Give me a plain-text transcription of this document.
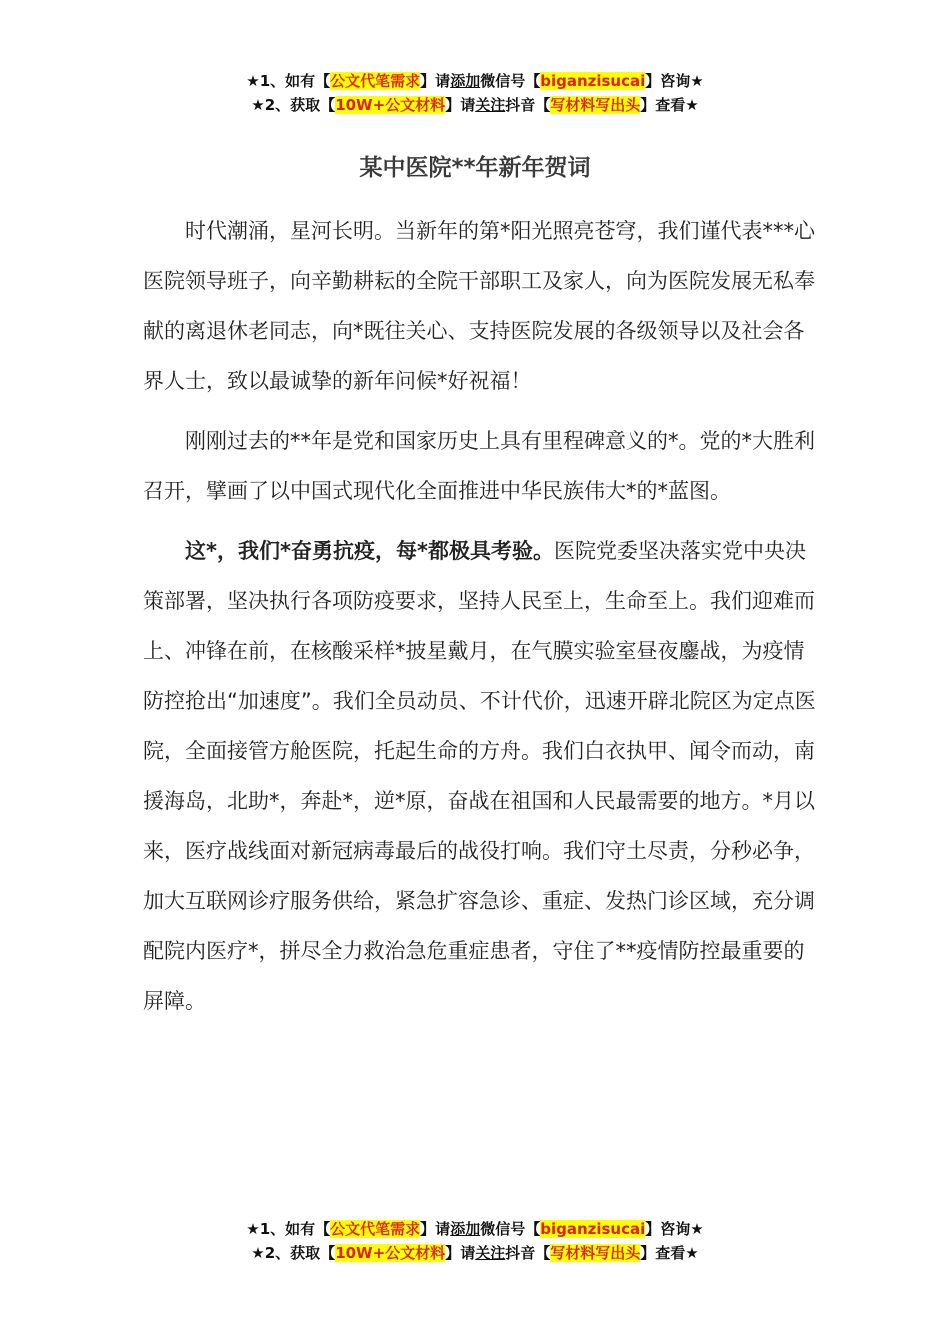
★1、如有【公文代笔需求】请添加微信号【biganzisucai】咨询★
★2、获取【10W+公文材料】请关注抖音【写材料写出头】查看★
某中医院**年新年贺词

时代潮涌，星河长明。当新年的第*阳光照亮苍穹，我们谨代表***心医院领导班子，向辛勤耕耘的全院干部职工及家人，向为医院发展无私奉献的离退休老同志，向*既往关心、支持医院发展的各级领导以及社会各界人士，致以最诚挚的新年问候*好祝福！

刚刚过去的**年是党和国家历史上具有里程碑意义的*。党的*大胜利召开，擘画了以中国式现代化全面推进中华民族伟大*的*蓝图。

这*，我们*奋勇抗疫，每*都极具考验。医院党委坚决落实党中央决策部署，坚决执行各项防疫要求，坚持人民至上，生命至上。我们迎难而上、冲锋在前，在核酸采样*披星戴月，在气膜实验室昼夜鏖战，为疫情防控抢出“加速度”。我们全员动员、不计代价，迅速开辟北院区为定点医院，全面接管方舱医院，托起生命的方舟。我们白衣执甲、闻令而动，南援海岛，北助*，奔赴*，逆*原，奋战在祖国和人民最需要的地方。*月以来，医疗战线面对新冠病毒最后的战役打响。我们守土尽责，分秒必争，加大互联网诊疗服务供给，紧急扩容急诊、重症、发热门诊区域，充分调配院内医疗*，拼尽全力救治急危重症患者，守住了**疫情防控最重要的屏障。

★1、如有【公文代笔需求】请添加微信号【biganzisucai】咨询★
★2、获取【10W+公文材料】请关注抖音【写材料写出头】查看★
